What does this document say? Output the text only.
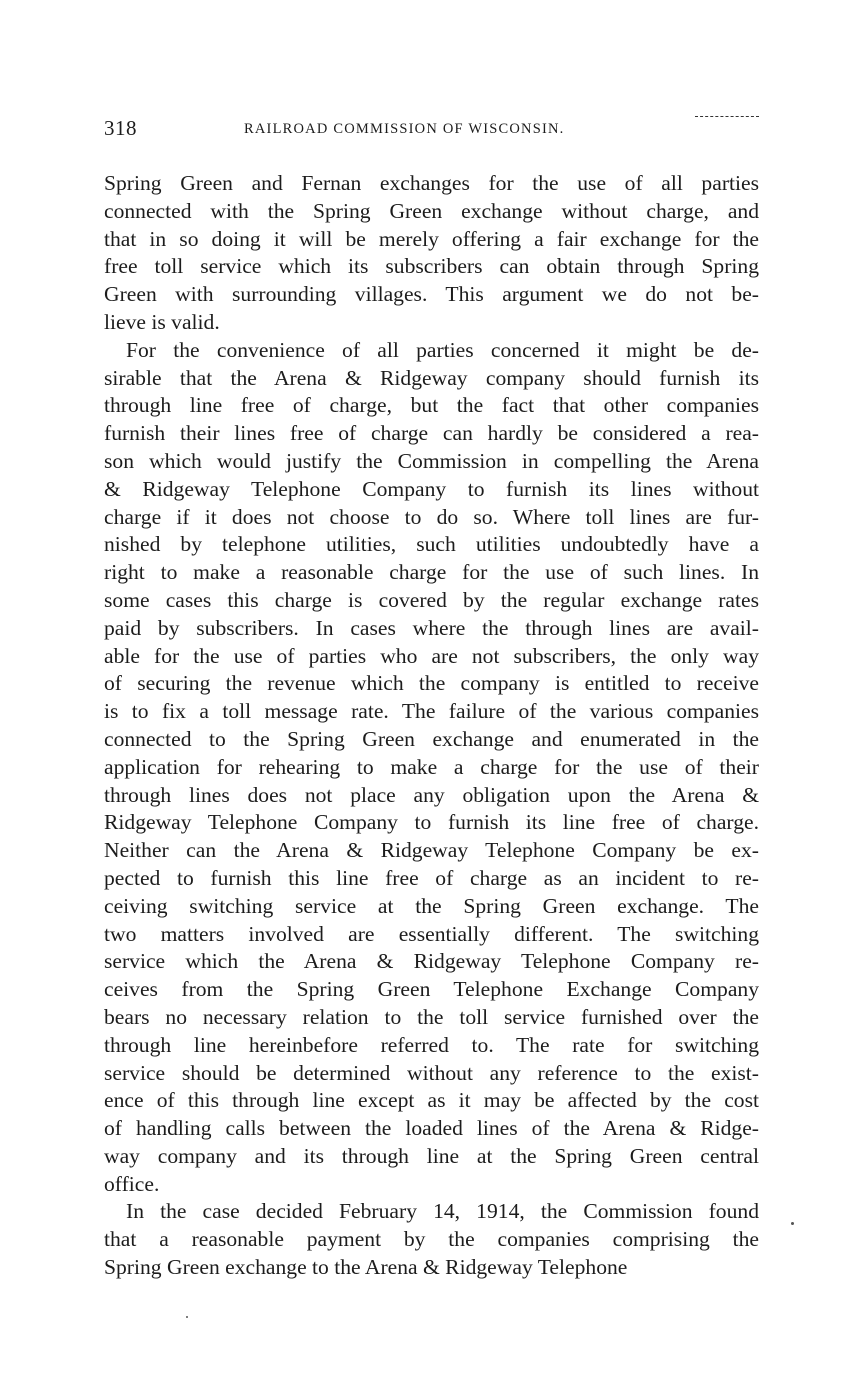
318	RAILROAD COMMISSION OF WISCONSIN.
Spring Green and Fernan exchanges for the use of all parties
connected with the Spring Green exchange without charge, and
that in so doing it will be merely offering a fair exchange for the
free toll service which its subscribers can obtain through Spring
Green with surrounding villages. This argument we do not be-
lieve is valid.
For the convenience of all parties concerned it might be de-
sirable that the Arena & Ridgeway company should furnish its
through line free of charge, but the fact that other companies
furnish their lines free of charge can hardly be considered a rea-
son which would justify the Commission in compelling the Arena
& Ridgeway Telephone Company to furnish its lines without
charge if it does not choose to do so. Where toll lines are fur-
nished by telephone utilities, such utilities undoubtedly have a
right to make a reasonable charge for the use of such lines. In
some cases this charge is covered by the regular exchange rates
paid by subscribers. In cases where the through lines are avail-
able for the use of parties who are not subscribers, the only way
of securing the revenue which the company is entitled to receive
is to fix a toll message rate. The failure of the various companies
connected to the Spring Green exchange and enumerated in the
application for rehearing to make a charge for the use of their
through lines does not place any obligation upon the Arena &
Ridgeway Telephone Company to furnish its line free of charge.
Neither can the Arena & Ridgeway Telephone Company be ex-
pected to furnish this line free of charge as an incident to re-
ceiving switching service at the Spring Green exchange. The
two matters involved are essentially different. The switching
service which the Arena & Ridgeway Telephone Company re-
ceives from the Spring Green Telephone Exchange Company
bears no necessary relation to the toll service furnished over the
through line hereinbefore referred to. The rate for switching
service should be determined without any reference to the exist-
ence of this through line except as it may be affected by the cost
of handling calls between the loaded lines of the Arena & Ridge-
way company and its through line at the Spring Green central
office.
In the case decided February 14, 1914, the Commission found
that a reasonable payment by the companies comprising the
Spring Green exchange to the Arena & Ridgeway Telephone
